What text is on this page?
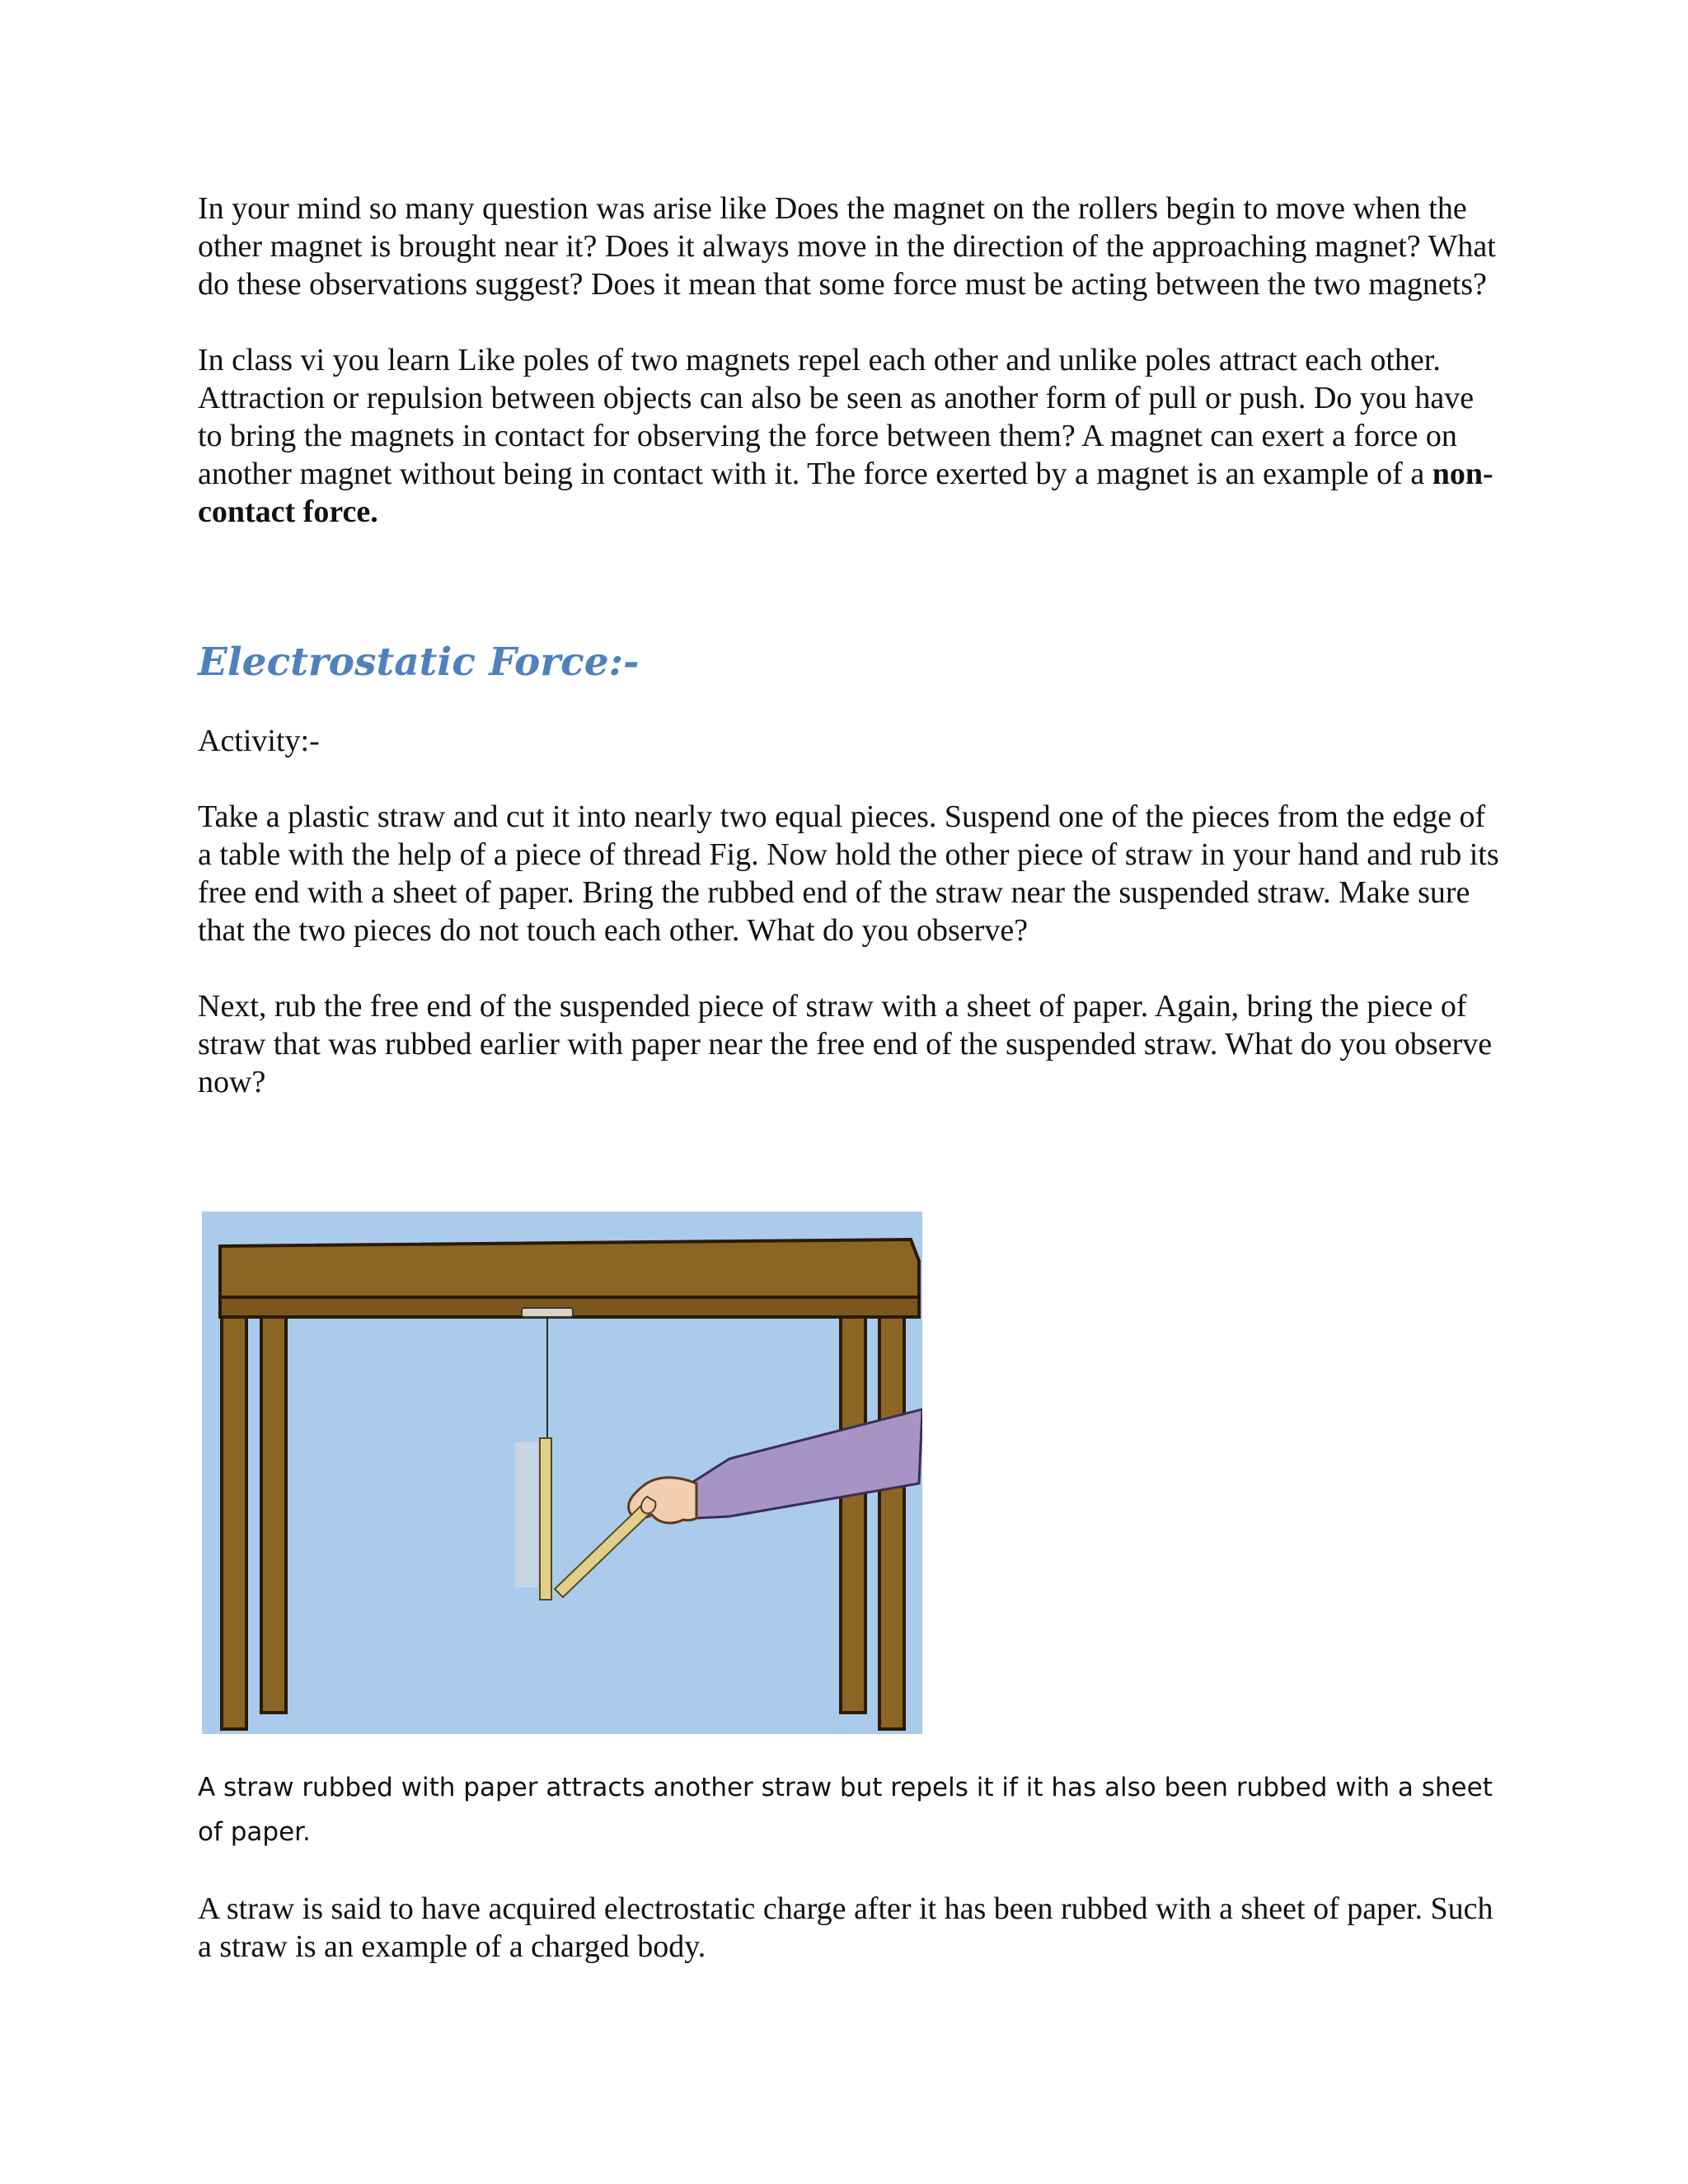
In your mind so many question was arise like Does the magnet on the rollers begin to move when the other magnet is brought near it? Does it always move in the direction of the approaching magnet? What do these observations suggest? Does it mean that some force must be acting between the two magnets?

In class vi you learn Like poles of two magnets repel each other and unlike poles attract each other. Attraction or repulsion between objects can also be seen as another form of pull or push. Do you have to bring the magnets in contact for observing the force between them? A magnet can exert a force on another magnet without being in contact with it. The force exerted by a magnet is an example of a non-contact force.

Electrostatic Force:-

Activity:-

Take a plastic straw and cut it into nearly two equal pieces. Suspend one of the pieces from the edge of a table with the help of a piece of thread Fig. Now hold the other piece of straw in your hand and rub its free end with a sheet of paper. Bring the rubbed end of the straw near the suspended straw. Make sure that the two pieces do not touch each other. What do you observe?

Next, rub the free end of the suspended piece of straw with a sheet of paper. Again, bring the piece of straw that was rubbed earlier with paper near the free end of the suspended straw. What do you observe now?

A straw rubbed with paper attracts another straw but repels it if it has also been rubbed with a sheet of paper.

A straw is said to have acquired electrostatic charge after it has been rubbed with a sheet of paper. Such a straw is an example of a charged body.
